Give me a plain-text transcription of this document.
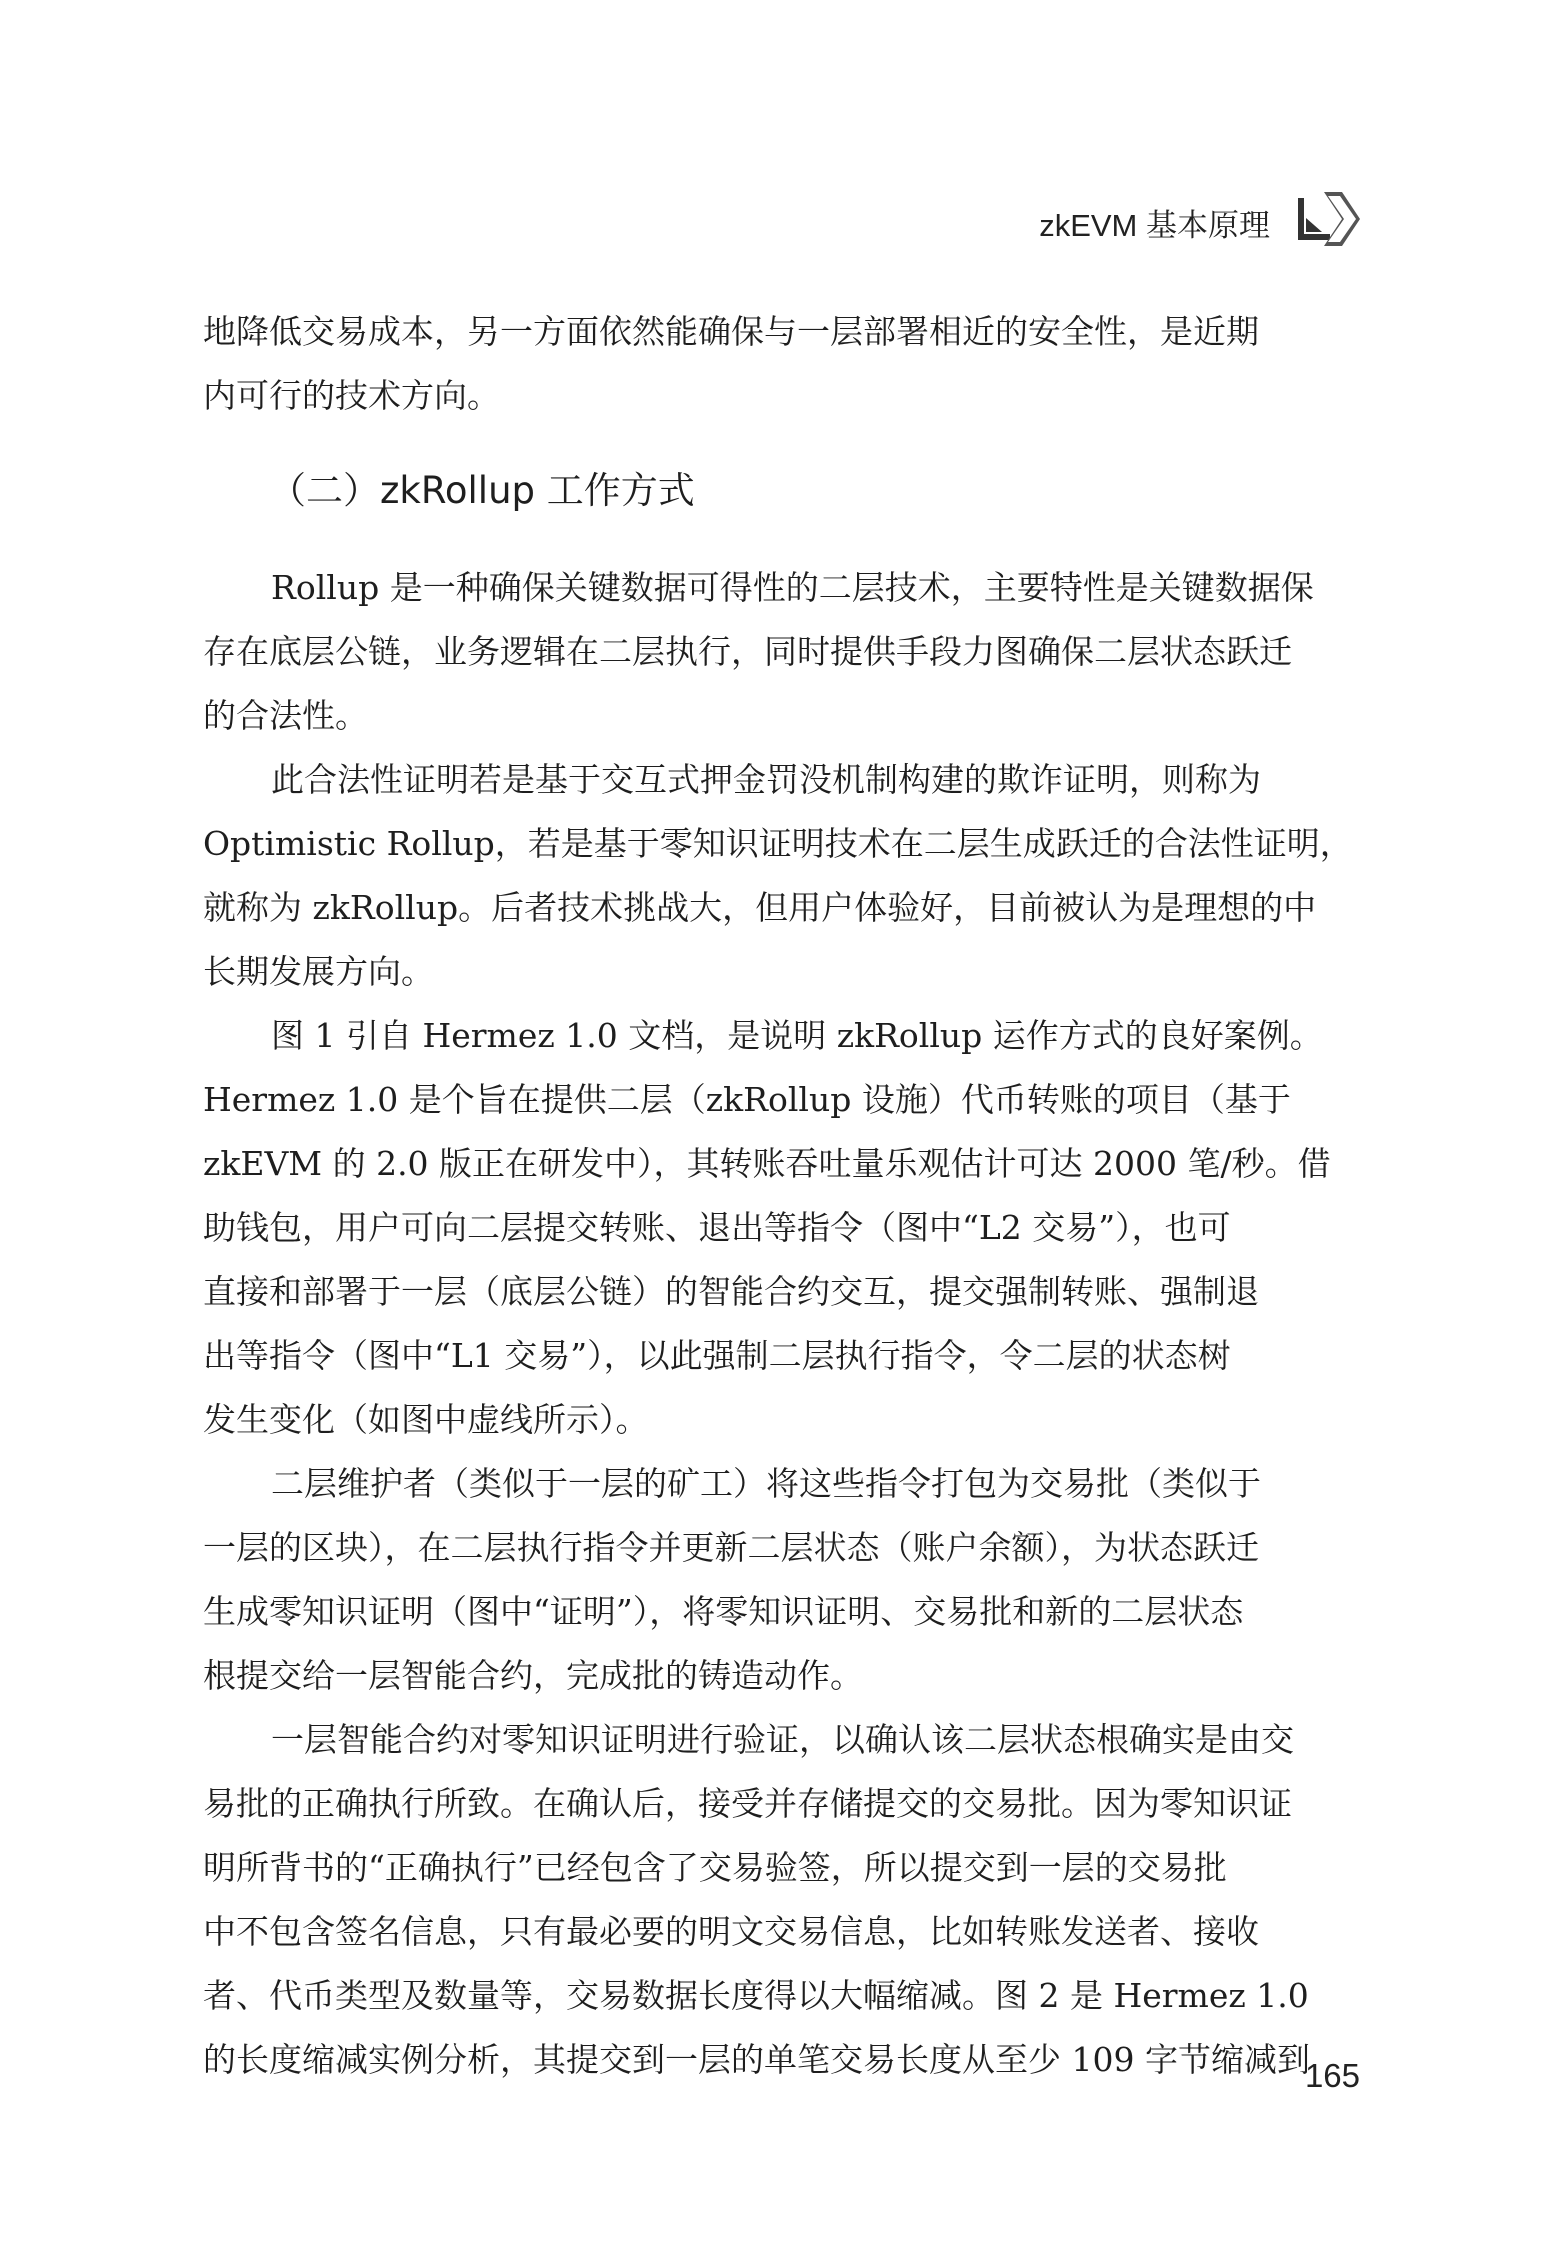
zkEVM 基本原理
地降低交易成本，另一方面依然能确保与一层部署相近的安全性，是近期
内可行的技术方向。
（二）zkRollup 工作方式
Rollup 是一种确保关键数据可得性的二层技术，主要特性是关键数据保
存在底层公链，业务逻辑在二层执行，同时提供手段力图确保二层状态跃迁
的合法性。
此合法性证明若是基于交互式押金罚没机制构建的欺诈证明，则称为
Optimistic Rollup，若是基于零知识证明技术在二层生成跃迁的合法性证明，
就称为 zkRollup。后者技术挑战大，但用户体验好，目前被认为是理想的中
长期发展方向。
图 1 引自 Hermez 1.0 文档，是说明 zkRollup 运作方式的良好案例。
Hermez 1.0 是个旨在提供二层（zkRollup 设施）代币转账的项目（基于
zkEVM 的 2.0 版正在研发中），其转账吞吐量乐观估计可达 2000 笔/秒。借
助钱包，用户可向二层提交转账、退出等指令（图中“L2 交易”），也可
直接和部署于一层（底层公链）的智能合约交互，提交强制转账、强制退
出等指令（图中“L1 交易”），以此强制二层执行指令，令二层的状态树
发生变化（如图中虚线所示）。
二层维护者（类似于一层的矿工）将这些指令打包为交易批（类似于
一层的区块），在二层执行指令并更新二层状态（账户余额），为状态跃迁
生成零知识证明（图中“证明”），将零知识证明、交易批和新的二层状态
根提交给一层智能合约，完成批的铸造动作。
一层智能合约对零知识证明进行验证，以确认该二层状态根确实是由交
易批的正确执行所致。在确认后，接受并存储提交的交易批。因为零知识证
明所背书的“正确执行”已经包含了交易验签，所以提交到一层的交易批
中不包含签名信息，只有最必要的明文交易信息，比如转账发送者、接收
者、代币类型及数量等，交易数据长度得以大幅缩减。图 2 是 Hermez 1.0
的长度缩减实例分析，其提交到一层的单笔交易长度从至少 109 字节缩减到
165
